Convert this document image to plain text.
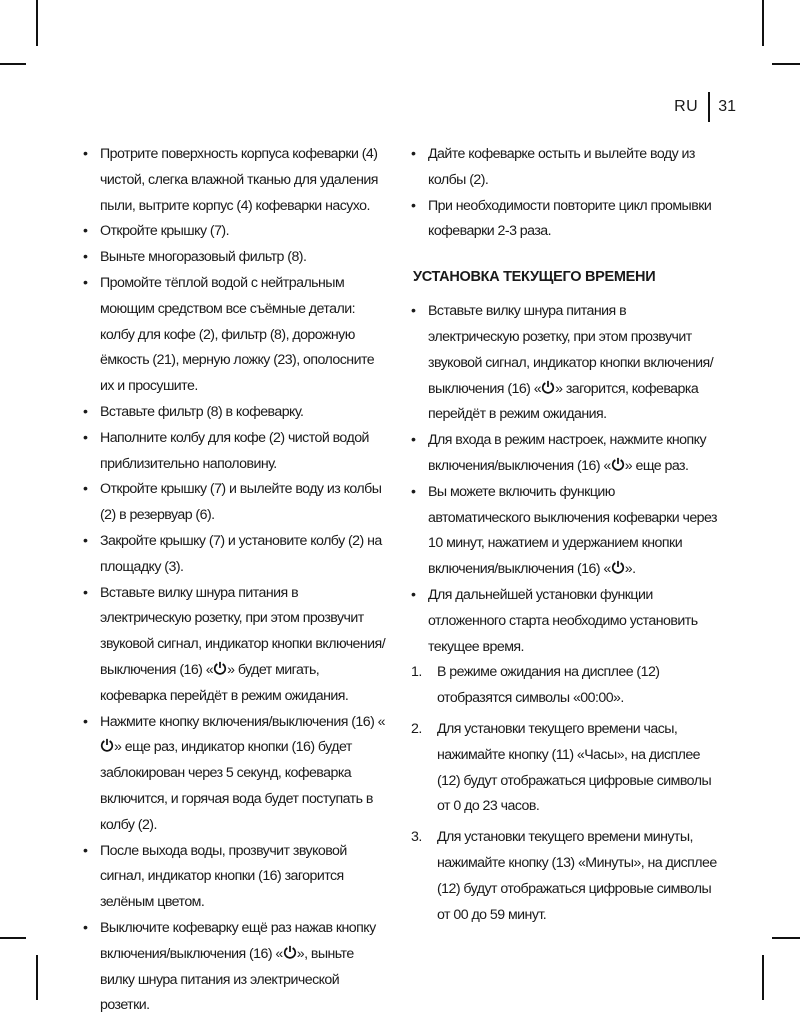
RU 31
• Протрите поверхность корпуса кофеварки (4) чистой, слегка влажной тканью для удаления пыли, вытрите корпус (4) кофеварки насухо.
• Откройте крышку (7).
• Выньте многоразовый фильтр (8).
• Промойте тёплой водой с нейтральным моющим средством все съёмные детали: колбу для кофе (2), фильтр (8), дорожную ёмкость (21), мерную ложку (23), ополосните их и просушите.
• Вставьте фильтр (8) в кофеварку.
• Наполните колбу для кофе (2) чистой водой приблизительно наполовину.
• Откройте крышку (7) и вылейте воду из колбы (2) в резервуар (6).
• Закройте крышку (7) и установите колбу (2) на площадку (3).
• Вставьте вилку шнура питания в электрическую розетку, при этом прозвучит звуковой сигнал, индикатор кнопки включения/выключения (16) « » будет мигать, кофеварка перейдёт в режим ожидания.
• Нажмите кнопку включения/выключения (16) «» еще раз, индикатор кнопки (16) будет заблокирован через 5 секунд, кофеварка включится, и горячая вода будет поступать в колбу (2).
• После выхода воды, прозвучит звуковой сигнал, индикатор кнопки (16) загорится зелёным цветом.
• Выключите кофеварку ещё раз нажав кнопку включения/выключения (16) « », выньте вилку шнура питания из электрической розетки.
• Дайте кофеварке остыть и вылейте воду из колбы (2).
• При необходимости повторите цикл промывки кофеварки 2-3 раза.
УСТАНОВКА ТЕКУЩЕГО ВРЕМЕНИ
• Вставьте вилку шнура питания в электрическую розетку, при этом прозвучит звуковой сигнал, индикатор кнопки включения/выключения (16) « » загорится, кофеварка перейдёт в режим ожидания.
• Для входа в режим настроек, нажмите кнопку включения/выключения (16) « » еще раз.
• Вы можете включить функцию автоматического выключения кофеварки через 10 минут, нажатием и удержанием кнопки включения/выключения (16) « ».
• Для дальнейшей установки функции отложенного старта необходимо установить текущее время.
1. В режиме ожидания на дисплее (12) отобразятся символы «00:00».
2. Для установки текущего времени часы, нажимайте кнопку (11) «Часы», на дисплее (12) будут отображаться цифровые символы от 0 до 23 часов.
3. Для установки текущего времени минуты, нажимайте кнопку (13) «Минуты», на дисплее (12) будут отображаться цифровые символы от 00 до 59 минут.
